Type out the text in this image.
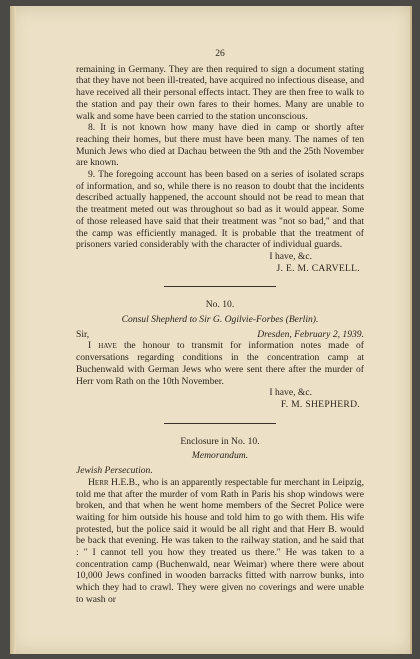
26

remaining in Germany. They are then required to sign a document stating that they have not been ill-treated, have acquired no infectious disease, and have received all their personal effects intact. They are then free to walk to the station and pay their own fares to their homes. Many are unable to walk and some have been carried to the station unconscious.

8. It is not known how many have died in camp or shortly after reaching their homes, but there must have been many. The names of ten Munich Jews who died at Dachau between the 9th and the 25th November are known.

9. The foregoing account has been based on a series of isolated scraps of information, and so, while there is no reason to doubt that the incidents described actually happened, the account should not be read to mean that the treatment meted out was throughout so bad as it would appear. Some of those released have said that their treatment was "not so bad," and that the camp was efficiently managed. It is probable that the treatment of prisoners varied considerably with the character of individual guards.

I have, &c.

J. E. M. CARVELL.

No. 10.

Consul Shepherd to Sir G. Ogilvie-Forbes (Berlin).

Sir,	Dresden, February 2, 1939.

I have the honour to transmit for information notes made of conversations regarding conditions in the concentration camp at Buchenwald with German Jews who were sent there after the murder of Herr vom Rath on the 10th November.

I have, &c.

F. M. SHEPHERD.

Enclosure in No. 10.

Memorandum.

Jewish Persecution.

Herr H.E.B., who is an apparently respectable fur merchant in Leipzig, told me that after the murder of vom Rath in Paris his shop windows were broken, and that when he went home members of the Secret Police were waiting for him outside his house and told him to go with them. His wife protested, but the police said it would be all right and that Herr B. would be back that evening. He was taken to the railway station, and he said that : " I cannot tell you how they treated us there." He was taken to a concentration camp (Buchenwald, near Weimar) where there were about 10,000 Jews confined in wooden barracks fitted with narrow bunks, into which they had to crawl. They were given no coverings and were unable to wash or
